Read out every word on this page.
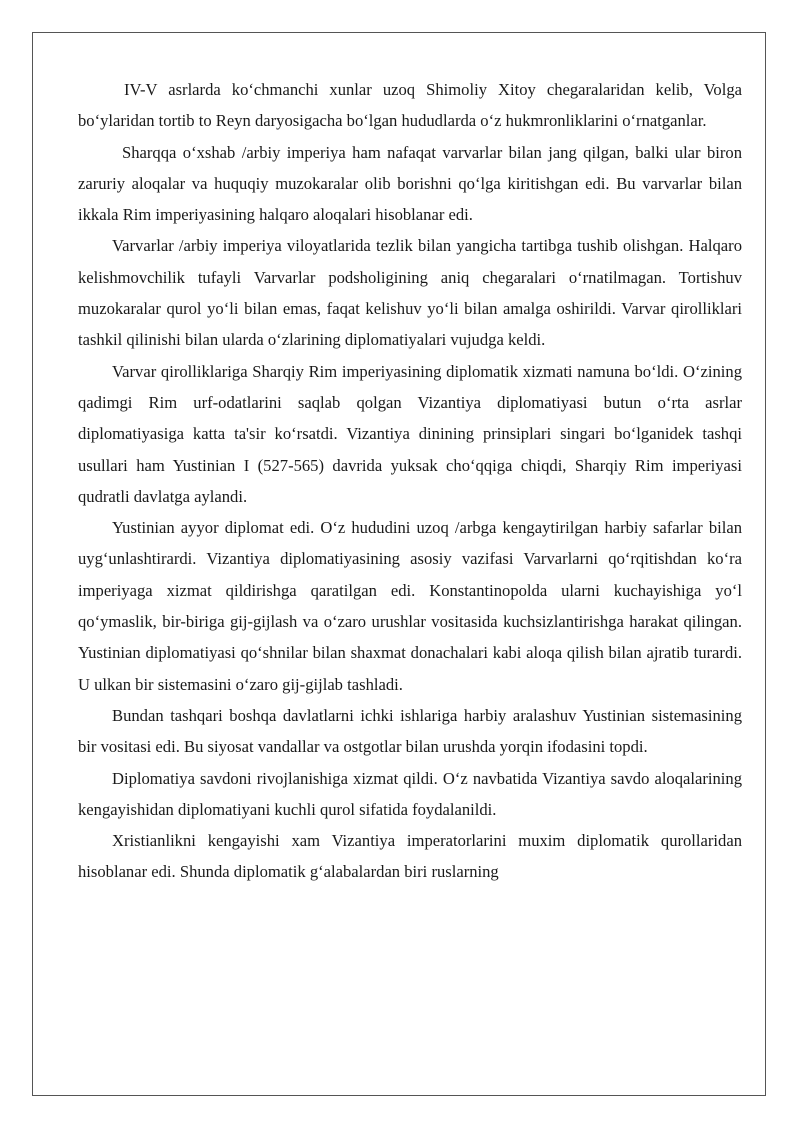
IV-V asrlarda ko‘chmanchi xunlar uzoq Shimoliy Xitoy chegaralaridan kelib, Volga bo‘ylaridan tortib to Reyn daryosigacha bo‘lgan hududlarda o‘z hukmronliklarini o‘rnatganlar.

Sharqqa o‘xshab /arbiy imperiya ham nafaqat varvarlar bilan jang qilgan, balki ular biron zaruriy aloqalar va huquqiy muzokaralar olib borishni qo‘lga kiritishgan edi. Bu varvarlar bilan ikkala Rim imperiyasining halqaro aloqalari hisoblanar edi.

Varvarlar /arbiy imperiya viloyatlarida tezlik bilan yangicha tartibga tushib olishgan. Halqaro kelishmovchilik tufayli Varvarlar podsholigining aniq chegaralari o‘rnatilmagan. Tortishuv muzokaralar qurol yo‘li bilan emas, faqat kelishuv yo‘li bilan amalga oshirildi. Varvar qirolliklari tashkil qilinishi bilan ularda o‘zlarining diplomatiyalari vujudga keldi.

Varvar qirolliklariga Sharqiy Rim imperiyasining diplomatik xizmati namuna bo‘ldi. O‘zining qadimgi Rim urf-odatlarini saqlab qolgan Vizantiya diplomatiyasi butun o‘rta asrlar diplomatiyasiga katta ta'sir ko‘rsatdi. Vizantiya dinining prinsiplari singari bo‘lganidek tashqi usullari ham Yustinian I (527-565) davrida yuksak cho‘qqiga chiqdi, Sharqiy Rim imperiyasi qudratli davlatga aylandi.

Yustinian ayyor diplomat edi. O‘z hududini uzoq /arbga kengaytirilgan harbiy safarlar bilan uyg‘unlashtirardi. Vizantiya diplomatiyasining asosiy vazifasi Varvarlarni qo‘rqitishdan ko‘ra imperiyaga xizmat qildirishga qaratilgan edi. Konstantinopolda ularni kuchayishiga yo‘l qo‘ymaslik, bir-biriga gij-gijlash va o‘zaro urushlar vositasida kuchsizlantirishga harakat qilingan. Yustinian diplomatiyasi qo‘shnilar bilan shaxmat donachalari kabi aloqa qilish bilan ajratib turardi. U ulkan bir sistemasini o‘zaro gij-gijlab tashladi.

Bundan tashqari boshqa davlatlarni ichki ishlariga harbiy aralashuv Yustinian sistemasining bir vositasi edi. Bu siyosat vandallar va ostgotlar bilan urushda yorqin ifodasini topdi.

Diplomatiya savdoni rivojlanishiga xizmat qildi. O‘z navbatida Vizantiya savdo aloqalarining kengayishidan diplomatiyani kuchli qurol sifatida foydalanildi.

Xristianlikni kengayishi xam Vizantiya imperatorlarini muxim diplomatik qurollaridan hisoblanar edi. Shunda diplomatik g‘alabalardan biri ruslarning
